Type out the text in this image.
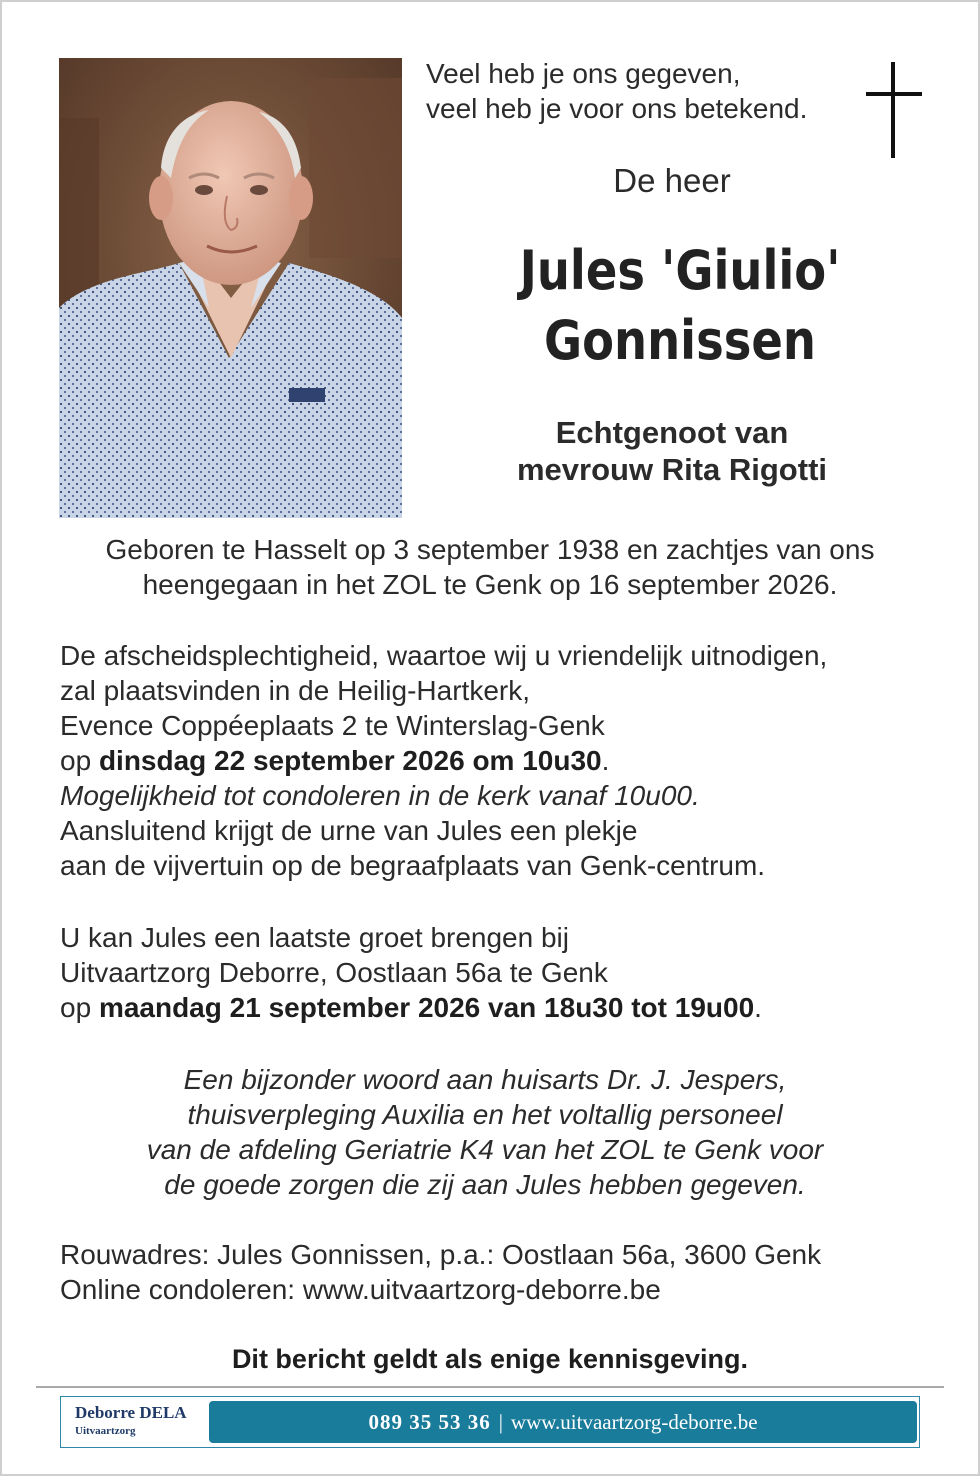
Veel heb je ons gegeven,
veel heb je voor ons betekend.
De heer
Jules 'Giulio'
Gonnissen
Echtgenoot van
mevrouw Rita Rigotti
Geboren te Hasselt op 3 september 1938 en zachtjes van ons
heengegaan in het ZOL te Genk op 16 september 2026.
De afscheidsplechtigheid, waartoe wij u vriendelijk uitnodigen,
zal plaatsvinden in de Heilig-Hartkerk,
Evence Coppéeplaats 2 te Winterslag-Genk
op dinsdag 22 september 2026 om 10u30.
Mogelijkheid tot condoleren in de kerk vanaf 10u00.
Aansluitend krijgt de urne van Jules een plekje
aan de vijvertuin op de begraafplaats van Genk-centrum.
U kan Jules een laatste groet brengen bij
Uitvaartzorg Deborre, Oostlaan 56a te Genk
op maandag 21 september 2026 van 18u30 tot 19u00.
Een bijzonder woord aan huisarts Dr. J. Jespers,
thuisverpleging Auxilia en het voltallig personeel
van de afdeling Geriatrie K4 van het ZOL te Genk voor
de goede zorgen die zij aan Jules hebben gegeven.
Rouwadres: Jules Gonnissen, p.a.: Oostlaan 56a, 3600 Genk
Online condoleren: www.uitvaartzorg-deborre.be
Dit bericht geldt als enige kennisgeving.
Deborre DELA
Uitvaartzorg	089 35 53 36 | www.uitvaartzorg-deborre.be
